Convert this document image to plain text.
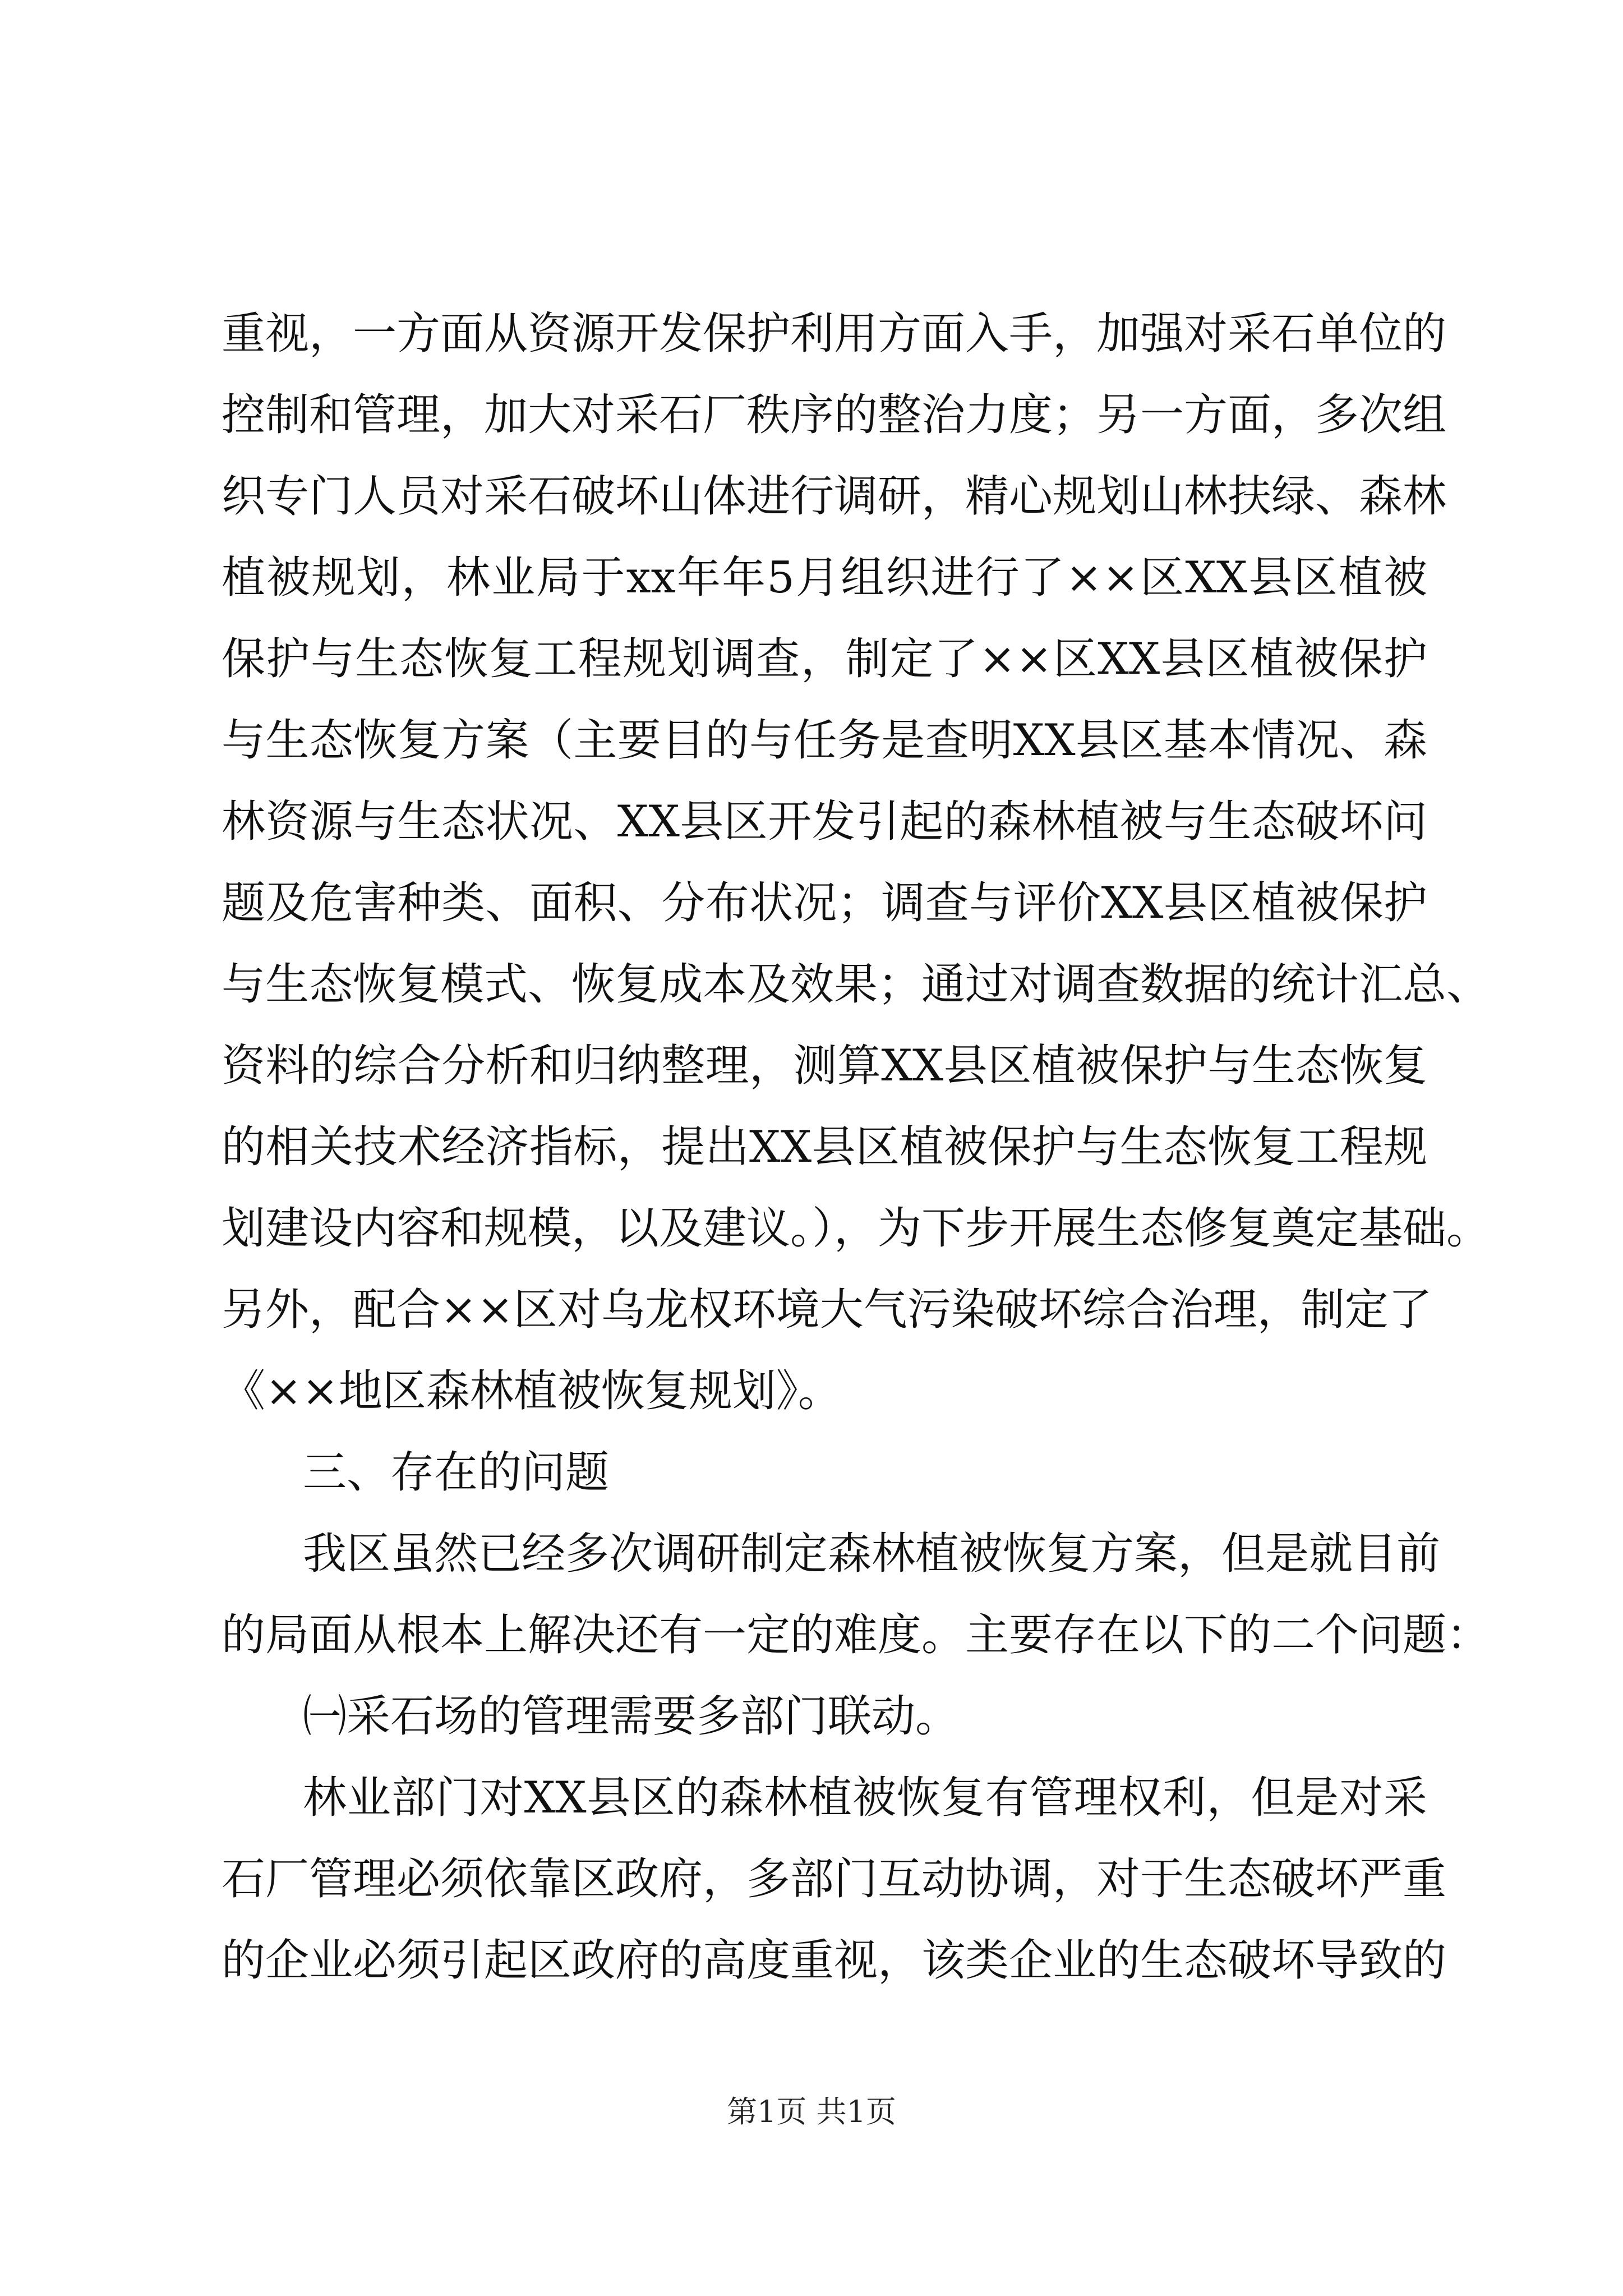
重视，一方面从资源开发保护利用方面入手，加强对采石单位的
控制和管理，加大对采石厂秩序的整治力度；另一方面，多次组
织专门人员对采石破坏山体进行调研，精心规划山林扶绿、森林
植被规划，林业局于xx年年5月组织进行了××区XX县区植被
保护与生态恢复工程规划调查，制定了××区XX县区植被保护
与生态恢复方案（主要目的与任务是查明XX县区基本情况、森
林资源与生态状况、XX县区开发引起的森林植被与生态破坏问
题及危害种类、面积、分布状况；调查与评价XX县区植被保护
与生态恢复模式、恢复成本及效果；通过对调查数据的统计汇总、
资料的综合分析和归纳整理，测算XX县区植被保护与生态恢复
的相关技术经济指标，提出XX县区植被保护与生态恢复工程规
划建设内容和规模，以及建议。），为下步开展生态修复奠定基础。
另外，配合××区对乌龙权环境大气污染破坏综合治理，制定了
《××地区森林植被恢复规划》。
三、存在的问题
我区虽然已经多次调研制定森林植被恢复方案，但是就目前
的局面从根本上解决还有一定的难度。主要存在以下的二个问题：
㈠采石场的管理需要多部门联动。
林业部门对XX县区的森林植被恢复有管理权利，但是对采
石厂管理必须依靠区政府，多部门互动协调，对于生态破坏严重
的企业必须引起区政府的高度重视，该类企业的生态破坏导致的
第1页 共1页
